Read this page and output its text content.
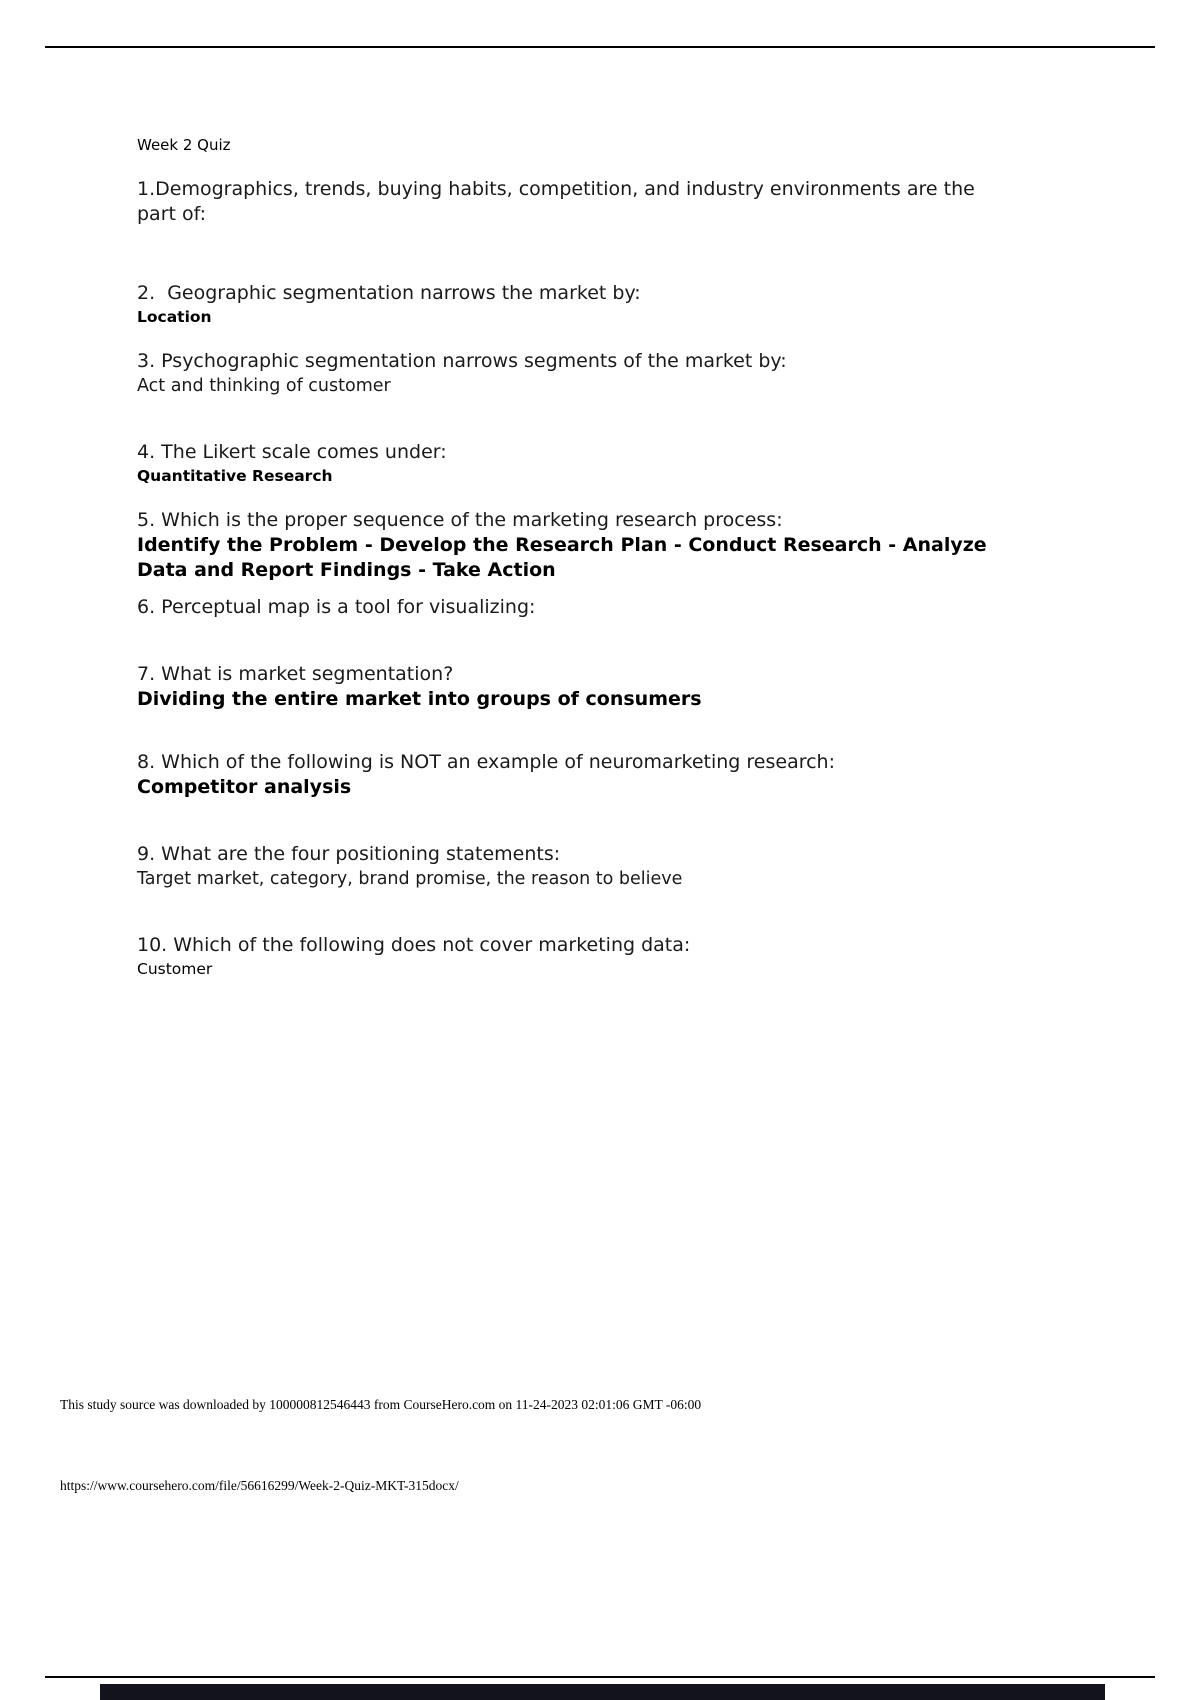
Week 2 Quiz
1.Demographics, trends, buying habits, competition, and industry environments are the part of:
2.  Geographic segmentation narrows the market by:
Location
3. Psychographic segmentation narrows segments of the market by:
Act and thinking of customer
4. The Likert scale comes under:
Quantitative Research
5. Which is the proper sequence of the marketing research process:
Identify the Problem - Develop the Research Plan - Conduct Research - Analyze Data and Report Findings - Take Action
6. Perceptual map is a tool for visualizing:
7. What is market segmentation?
Dividing the entire market into groups of consumers
8. Which of the following is NOT an example of neuromarketing research:
Competitor analysis
9. What are the four positioning statements:
Target market, category, brand promise, the reason to believe
10. Which of the following does not cover marketing data:
Customer
This study source was downloaded by 100000812546443 from CourseHero.com on 11-24-2023 02:01:06 GMT -06:00
https://www.coursehero.com/file/56616299/Week-2-Quiz-MKT-315docx/
